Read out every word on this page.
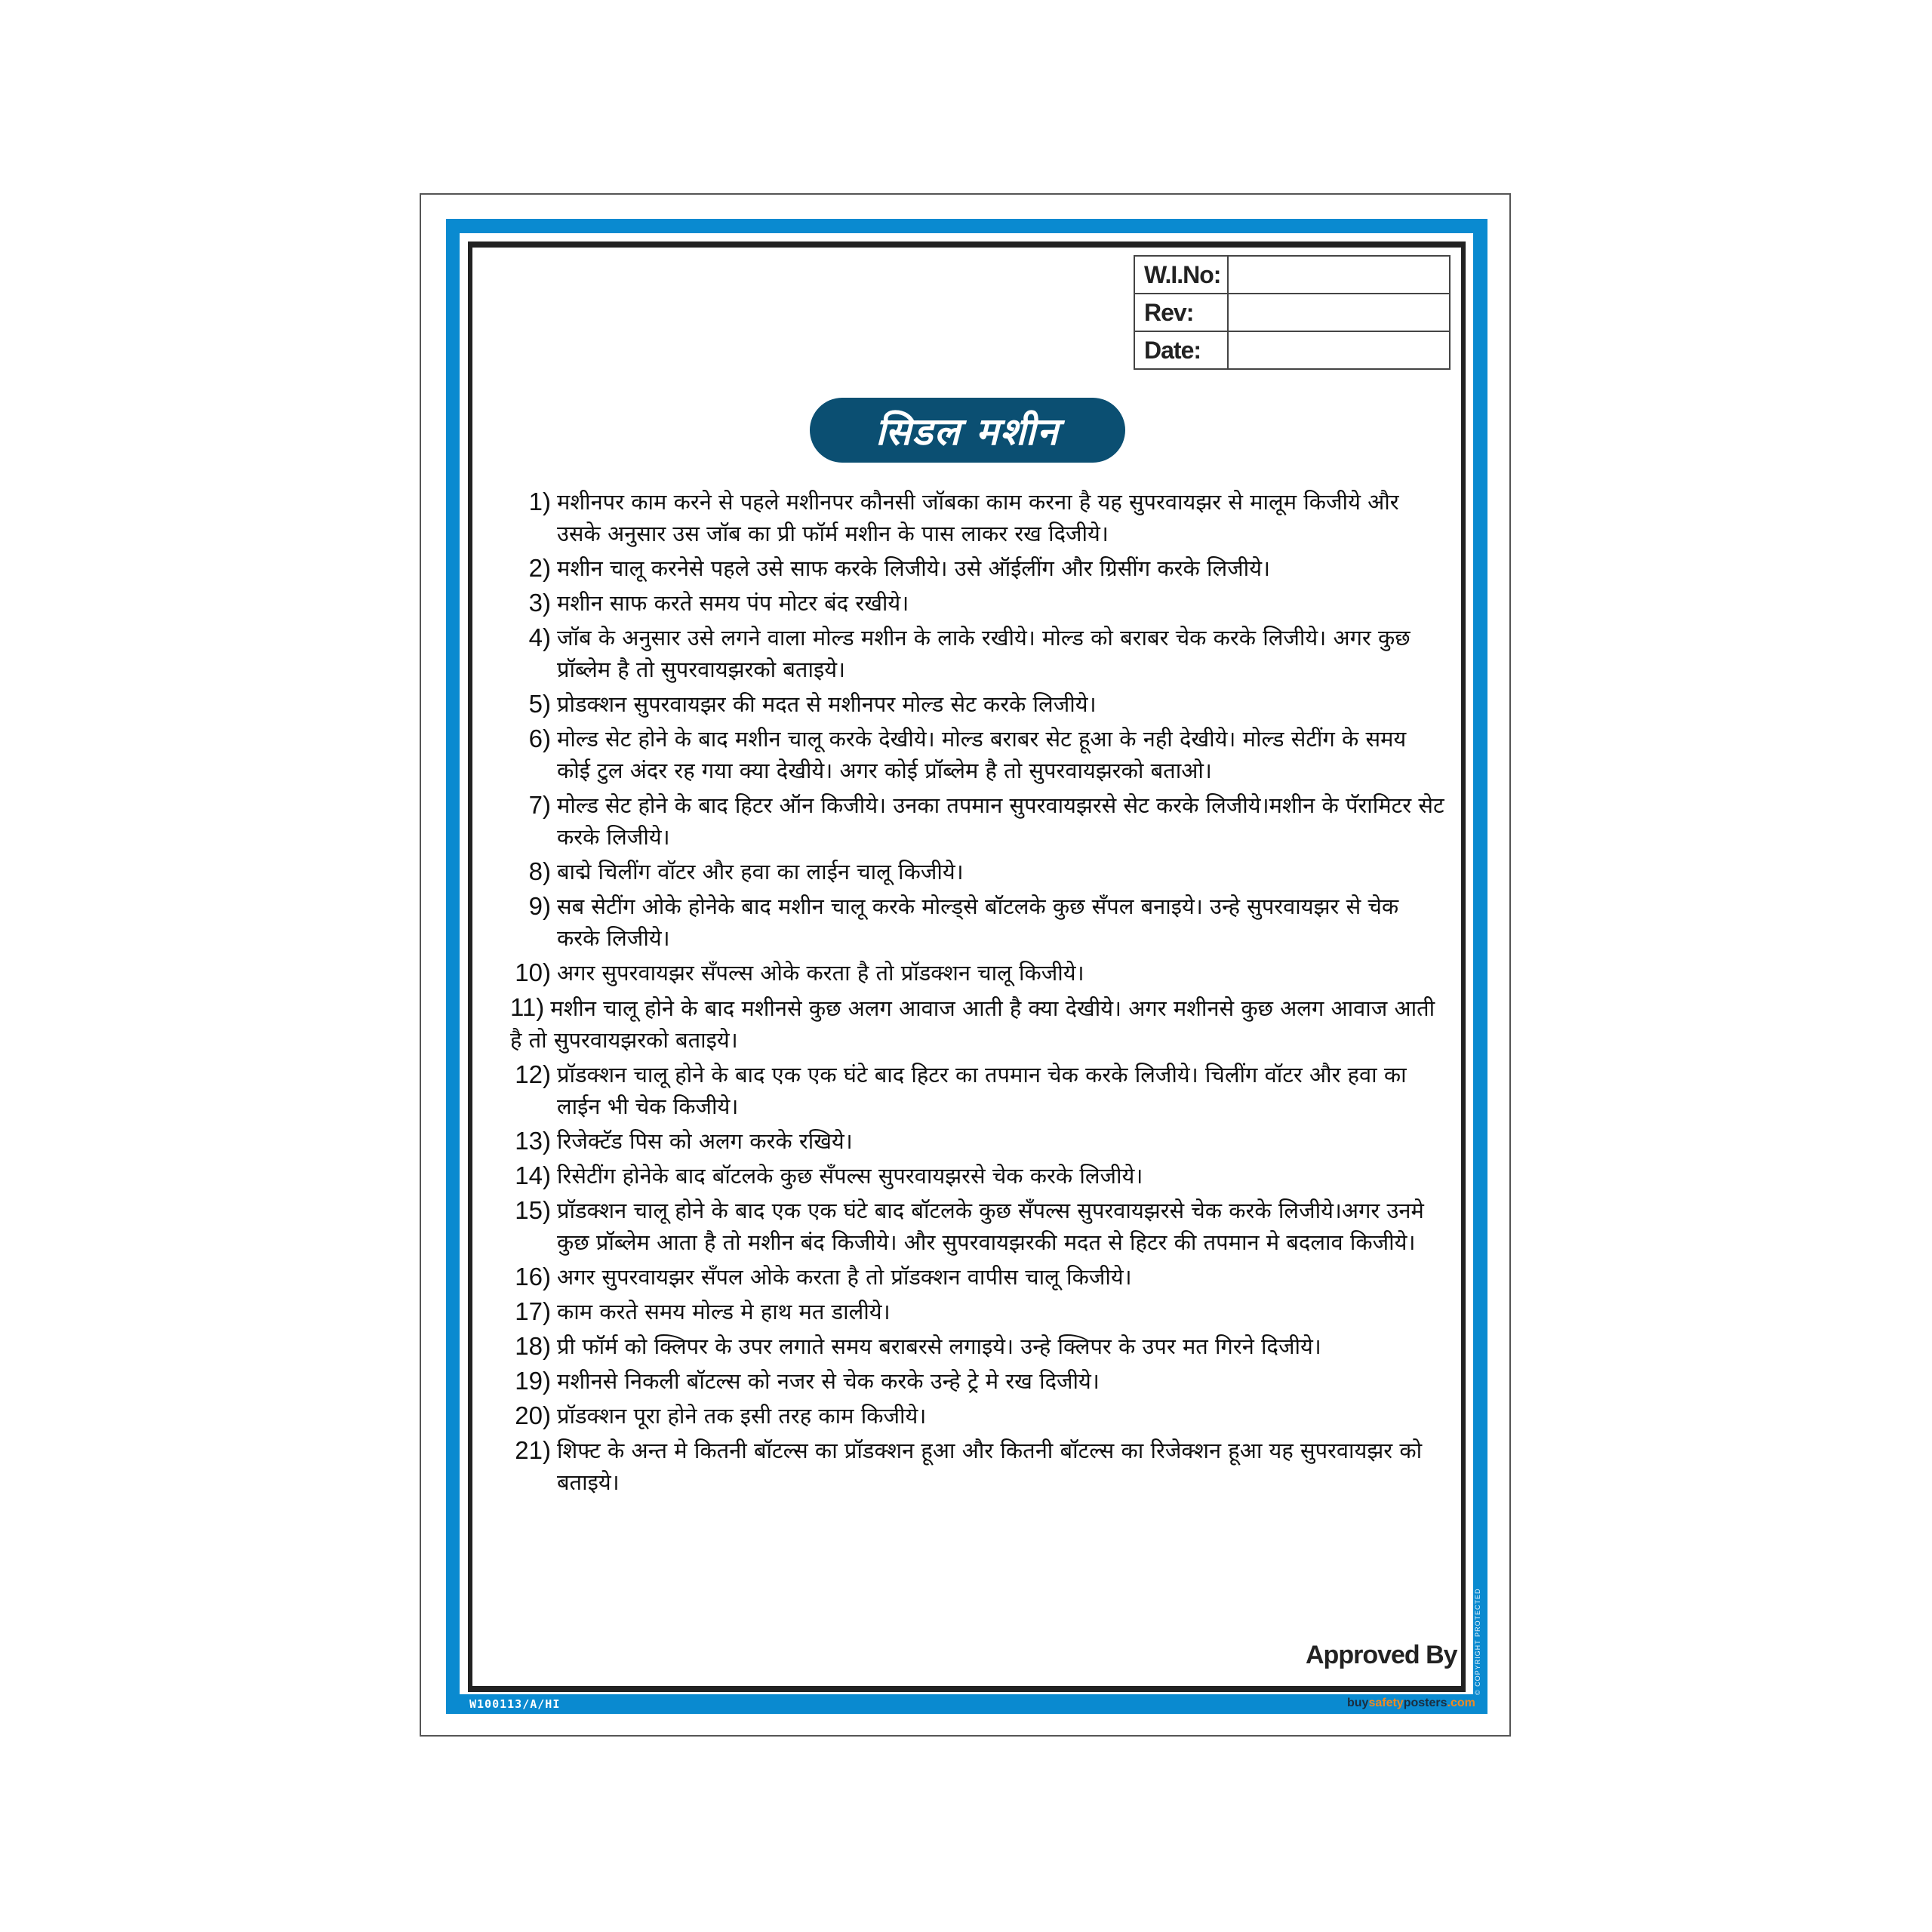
W.I.No:	
Rev:	
Date:	
सिडल मशीन
1) मशीनपर काम करने से पहले मशीनपर कौनसी जॉबका काम करना है यह सुपरवायझर से मालूम किजीये और उसके अनुसार उस जॉब का प्री फॉर्म मशीन के पास लाकर रख दिजीये।
2) मशीन चालू करनेसे पहले उसे साफ करके लिजीये। उसे ऑईलींग और ग्रिसींग करके लिजीये।
3) मशीन साफ करते समय पंप मोटर बंद रखीये।
4) जॉब के अनुसार उसे लगने वाला मोल्ड मशीन के लाके रखीये। मोल्ड को बराबर चेक करके लिजीये। अगर कुछ प्रॉब्लेम है तो सुपरवायझरको बताइये।
5) प्रोडक्शन सुपरवायझर की मदत से मशीनपर मोल्ड सेट करके लिजीये।
6) मोल्ड सेट होने के बाद मशीन चालू करके देखीये। मोल्ड बराबर सेट हूआ के नही देखीये। मोल्ड सेटींग के समय कोई टुल अंदर रह गया क्या देखीये। अगर कोई प्रॉब्लेम है तो सुपरवायझरको बताओ।
7) मोल्ड सेट होने के बाद हिटर ऑन किजीये। उनका तपमान सुपरवायझरसे सेट करके लिजीये।मशीन के पॅरामिटर सेट करके लिजीये।
8) बाद्मे चिलींग वॉटर और हवा का लाईन चालू किजीये।
9) सब सेटींग ओके होनेके बाद मशीन चालू करके मोल्ड्से बॉटलके कुछ सॅंपल बनाइये। उन्हे सुपरवायझर से चेक करके लिजीये।
10) अगर सुपरवायझर सॅंपल्स ओके करता है तो प्रॉडक्शन चालू किजीये।
11) मशीन चालू होने के बाद मशीनसे कुछ अलग आवाज आती है क्या देखीये। अगर मशीनसे कुछ अलग आवाज आती है तो सुपरवायझरको बताइये।
12) प्रॉडक्शन चालू होने के बाद एक एक घंटे बाद हिटर का तपमान चेक करके लिजीये। चिलींग वॉटर और हवा का लाईन भी चेक किजीये।
13) रिजेक्टॅड पिस को अलग करके रखिये।
14) रिसेटींग होनेके बाद बॉटलके कुछ सॅंपल्स सुपरवायझरसे चेक करके लिजीये।
15) प्रॉडक्शन चालू होने के बाद एक एक घंटे बाद बॉटलके कुछ सॅंपल्स सुपरवायझरसे चेक करके लिजीये।अगर उनमे कुछ प्रॉब्लेम आता है तो मशीन बंद किजीये। और सुपरवायझरकी मदत से हिटर की तपमान मे बदलाव किजीये।
16) अगर सुपरवायझर सॅंपल ओके करता है तो प्रॉडक्शन वापीस चालू किजीये।
17) काम करते समय मोल्ड मे हाथ मत डालीये।
18) प्री फॉर्म को क्लिपर के उपर लगाते समय बराबरसे लगाइये। उन्हे क्लिपर के उपर मत गिरने दिजीये।
19) मशीनसे निकली बॉटल्स को नजर से चेक करके उन्हे ट्रे मे रख दिजीये।
20) प्रॉडक्शन पूरा होने तक इसी तरह काम किजीये।
21) शिफ्ट के अन्त मे कितनी बॉटल्स का प्रॉडक्शन हूआ और कितनी बॉटल्स का रिजेक्शन हूआ यह सुपरवायझर को बताइये।
Approved By
W100113/A/HI	buysafetyposters.com
© COPYRIGHT PROTECTED
